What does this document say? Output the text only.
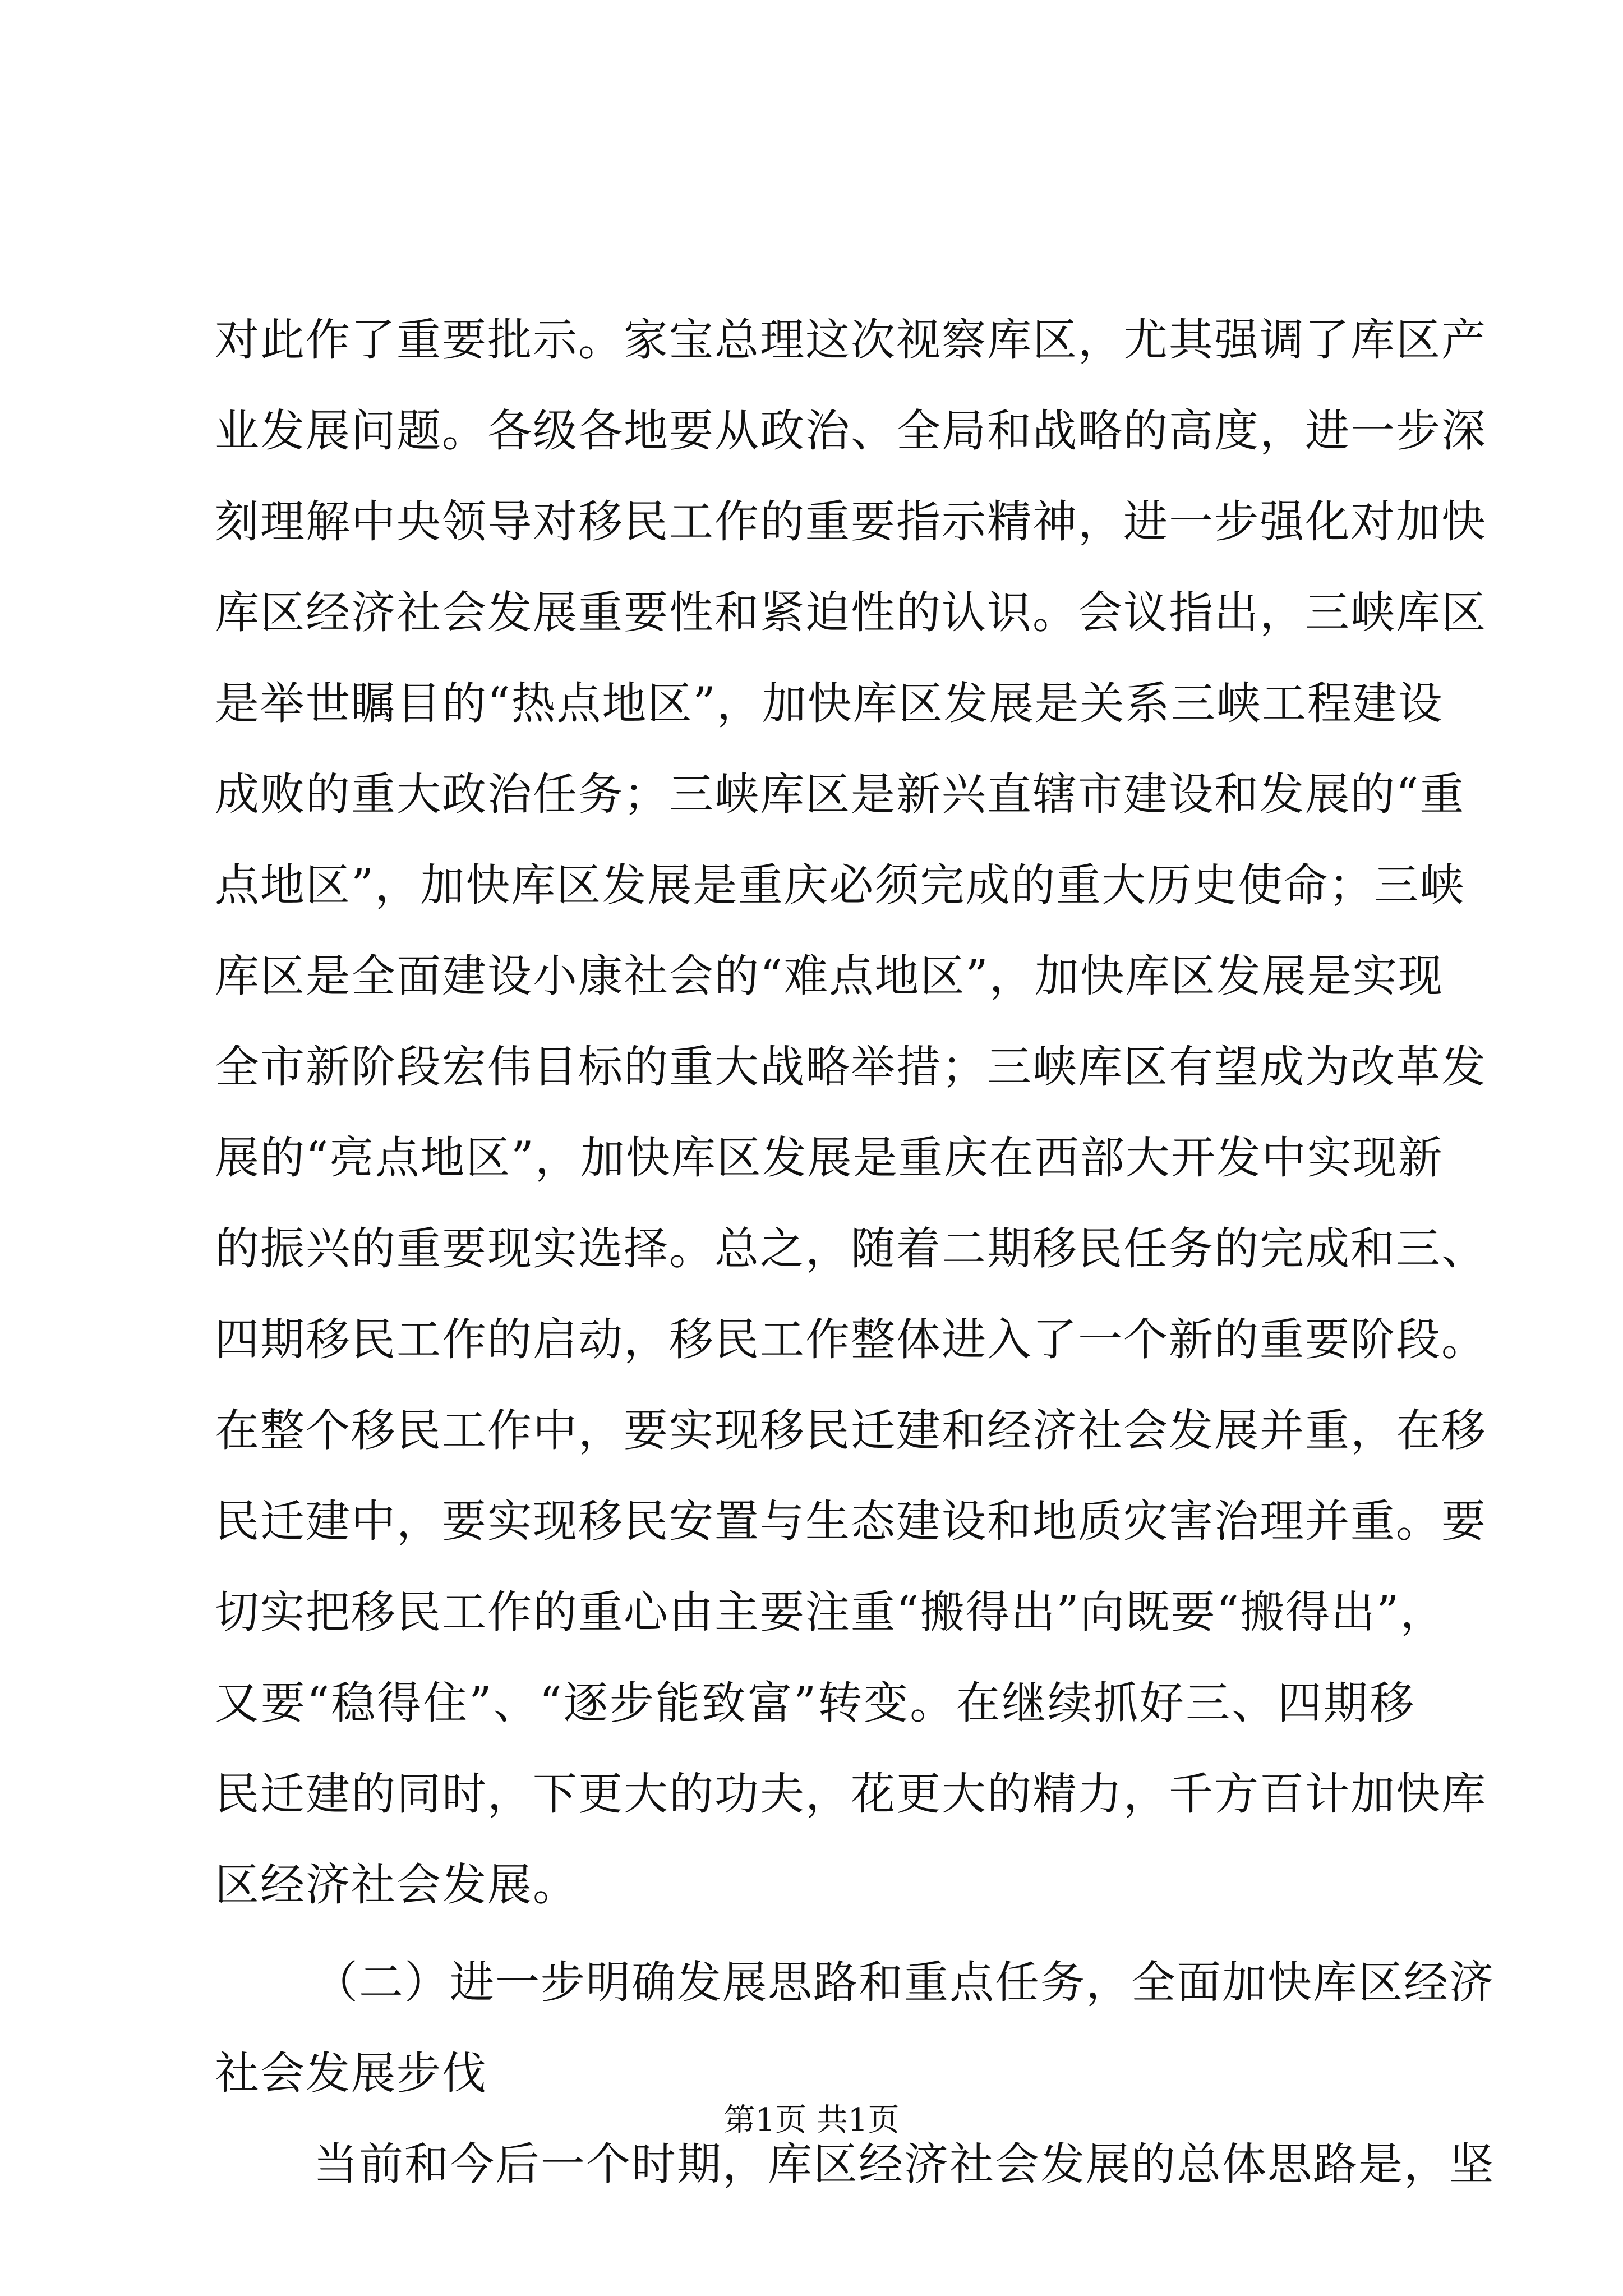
对此作了重要批示。家宝总理这次视察库区，尤其强调了库区产
业发展问题。各级各地要从政治、全局和战略的高度，进一步深
刻理解中央领导对移民工作的重要指示精神，进一步强化对加快
库区经济社会发展重要性和紧迫性的认识。会议指出，三峡库区
是举世瞩目的“热点地区”，加快库区发展是关系三峡工程建设
成败的重大政治任务；三峡库区是新兴直辖市建设和发展的“重
点地区”，加快库区发展是重庆必须完成的重大历史使命；三峡
库区是全面建设小康社会的“难点地区”，加快库区发展是实现
全市新阶段宏伟目标的重大战略举措；三峡库区有望成为改革发
展的“亮点地区”，加快库区发展是重庆在西部大开发中实现新
的振兴的重要现实选择。总之，随着二期移民任务的完成和三、
四期移民工作的启动，移民工作整体进入了一个新的重要阶段。
在整个移民工作中，要实现移民迁建和经济社会发展并重，在移
民迁建中，要实现移民安置与生态建设和地质灾害治理并重。要
切实把移民工作的重心由主要注重“搬得出”向既要“搬得出”，
又要“稳得住”、“逐步能致富”转变。在继续抓好三、四期移
民迁建的同时，下更大的功夫，花更大的精力，千方百计加快库
区经济社会发展。
（二）进一步明确发展思路和重点任务，全面加快库区经济
社会发展步伐
当前和今后一个时期，库区经济社会发展的总体思路是，坚
第1页 共1页
